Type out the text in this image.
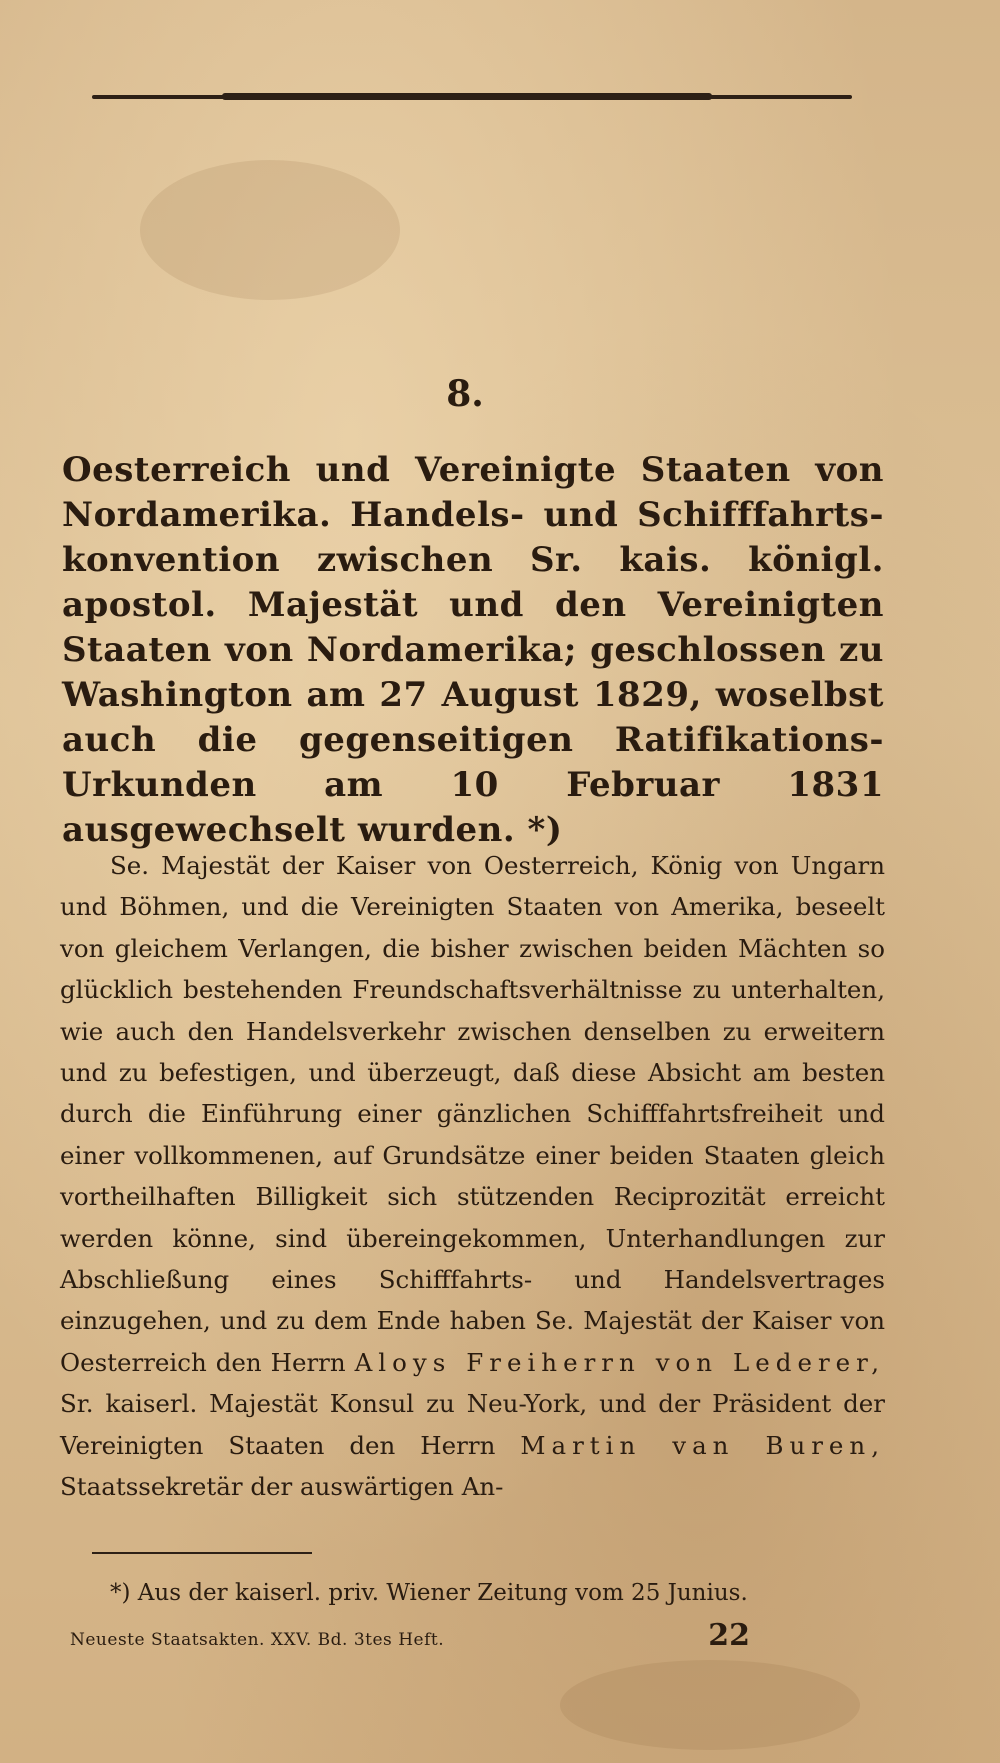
8.
Oesterreich und Vereinigte Staaten von Nordamerika. Handels- und Schifffahrts-konvention zwischen Sr. kais. königl. apostol. Majestät und den Vereinigten Staaten von Nordamerika; geschlossen zu Washington am 27 August 1829, woselbst auch die gegenseitigen Ratifikations-Urkunden am 10 Februar 1831 ausgewechselt wurden. *)
Se. Majestät der Kaiser von Oesterreich, König von Ungarn und Böhmen, und die Vereinigten Staaten von Amerika, beseelt von gleichem Verlangen, die bisher zwischen beiden Mächten so glücklich bestehenden Freundschaftsverhältnisse zu unterhalten, wie auch den Handelsverkehr zwischen denselben zu erweitern und zu befestigen, und überzeugt, daß diese Absicht am besten durch die Einführung einer gänzlichen Schifffahrtsfreiheit und einer vollkommenen, auf Grundsätze einer beiden Staaten gleich vortheilhaften Billigkeit sich stützenden Reciprozität erreicht werden könne, sind übereingekommen, Unterhandlungen zur Abschließung eines Schifffahrts- und Handelsvertrages einzugehen, und zu dem Ende haben Se. Majestät der Kaiser von Oesterreich den Herrn Aloys Freiherrn von Lederer, Sr. kaiserl. Majestät Konsul zu Neu-York, und der Präsident der Vereinigten Staaten den Herrn Martin van Buren, Staatssekretär der auswärtigen An-
*) Aus der kaiserl. priv. Wiener Zeitung vom 25 Junius.
Neueste Staatsakten. XXV. Bd. 3tes Heft.	22
